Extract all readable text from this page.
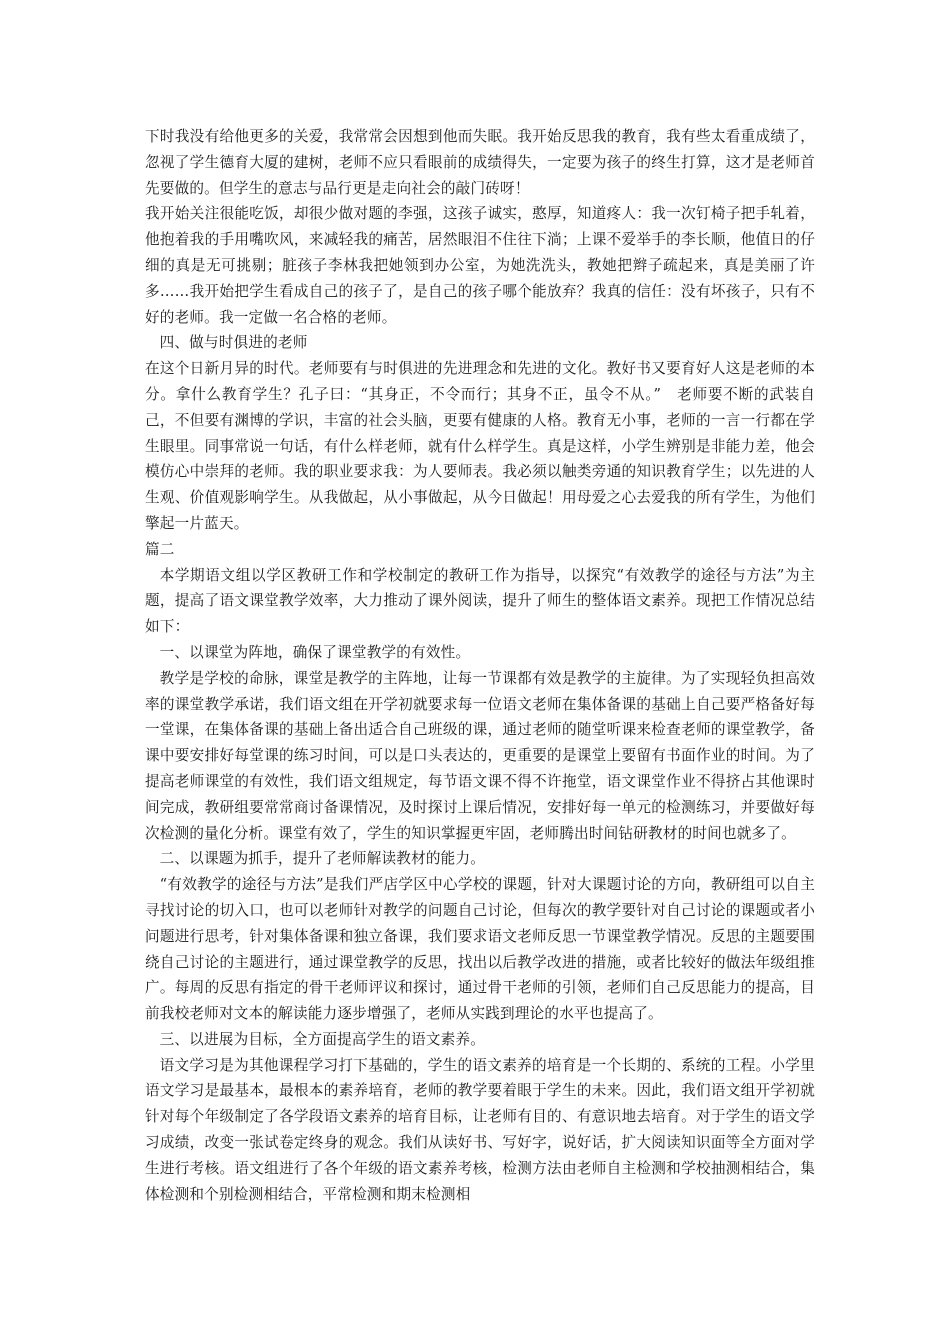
下时我没有给他更多的关爱，我常常会因想到他而失眠。我开始反思我的教育，我有些太看重成绩了，忽视了学生德育大厦的建树，老师不应只看眼前的成绩得失，一定要为孩子的终生打算，这才是老师首先要做的。但学生的意志与品行更是走向社会的敲门砖呀！

我开始关注很能吃饭，却很少做对题的李强，这孩子诚实，憨厚，知道疼人：我一次钉椅子把手轧着，他抱着我的手用嘴吹风，来减轻我的痛苦，居然眼泪不住往下淌；上课不爱举手的李长顺，他值日的仔细的真是无可挑剔；脏孩子李林我把她领到办公室，为她洗洗头，教她把辫子疏起来，真是美丽了许多……我开始把学生看成自己的孩子了，是自己的孩子哪个能放弃？我真的信任：没有坏孩子，只有不好的老师。我一定做一名合格的老师。

四、做与时俱进的老师

在这个日新月异的时代。老师要有与时俱进的先进理念和先进的文化。教好书又要育好人这是老师的本分。拿什么教育学生？孔子曰：“其身正，不令而行；其身不正，虽令不从。”　老师要不断的武装自己，不但要有渊博的学识，丰富的社会头脑，更要有健康的人格。教育无小事，老师的一言一行都在学生眼里。同事常说一句话，有什么样老师，就有什么样学生。真是这样，小学生辨别是非能力差，他会模仿心中崇拜的老师。我的职业要求我：为人要师表。我必须以触类旁通的知识教育学生；以先进的人生观、价值观影响学生。从我做起，从小事做起，从今日做起！用母爱之心去爱我的所有学生，为他们擎起一片蓝天。

篇二

本学期语文组以学区教研工作和学校制定的教研工作为指导，以探究“有效教学的途径与方法”为主题，提高了语文课堂教学效率，大力推动了课外阅读，提升了师生的整体语文素养。现把工作情况总结如下：

一、以课堂为阵地，确保了课堂教学的有效性。

教学是学校的命脉，课堂是教学的主阵地，让每一节课都有效是教学的主旋律。为了实现轻负担高效率的课堂教学承诺，我们语文组在开学初就要求每一位语文老师在集体备课的基础上自己要严格备好每一堂课，在集体备课的基础上备出适合自己班级的课，通过老师的随堂听课来检查老师的课堂教学，备课中要安排好每堂课的练习时间，可以是口头表达的，更重要的是课堂上要留有书面作业的时间。为了提高老师课堂的有效性，我们语文组规定，每节语文课不得不许拖堂，语文课堂作业不得挤占其他课时间完成，教研组要常常商讨备课情况，及时探讨上课后情况，安排好每一单元的检测练习，并要做好每次检测的量化分析。课堂有效了，学生的知识掌握更牢固，老师腾出时间钻研教材的时间也就多了。

二、以课题为抓手，提升了老师解读教材的能力。

“有效教学的途径与方法”是我们严店学区中心学校的课题，针对大课题讨论的方向，教研组可以自主寻找讨论的切入口，也可以老师针对教学的问题自己讨论，但每次的教学要针对自己讨论的课题或者小问题进行思考，针对集体备课和独立备课，我们要求语文老师反思一节课堂教学情况。反思的主题要围绕自己讨论的主题进行，通过课堂教学的反思，找出以后教学改进的措施，或者比较好的做法年级组推广。每周的反思有指定的骨干老师评议和探讨，通过骨干老师的引领，老师们自己反思能力的提高，目前我校老师对文本的解读能力逐步增强了，老师从实践到理论的水平也提高了。

三、以进展为目标，全方面提高学生的语文素养。

语文学习是为其他课程学习打下基础的，学生的语文素养的培育是一个长期的、系统的工程。小学里语文学习是最基本，最根本的素养培育，老师的教学要着眼于学生的未来。因此，我们语文组开学初就针对每个年级制定了各学段语文素养的培育目标，让老师有目的、有意识地去培育。对于学生的语文学习成绩，改变一张试卷定终身的观念。我们从读好书、写好字，说好话，扩大阅读知识面等全方面对学生进行考核。语文组进行了各个年级的语文素养考核，检测方法由老师自主检测和学校抽测相结合，集体检测和个别检测相结合，平常检测和期末检测相
